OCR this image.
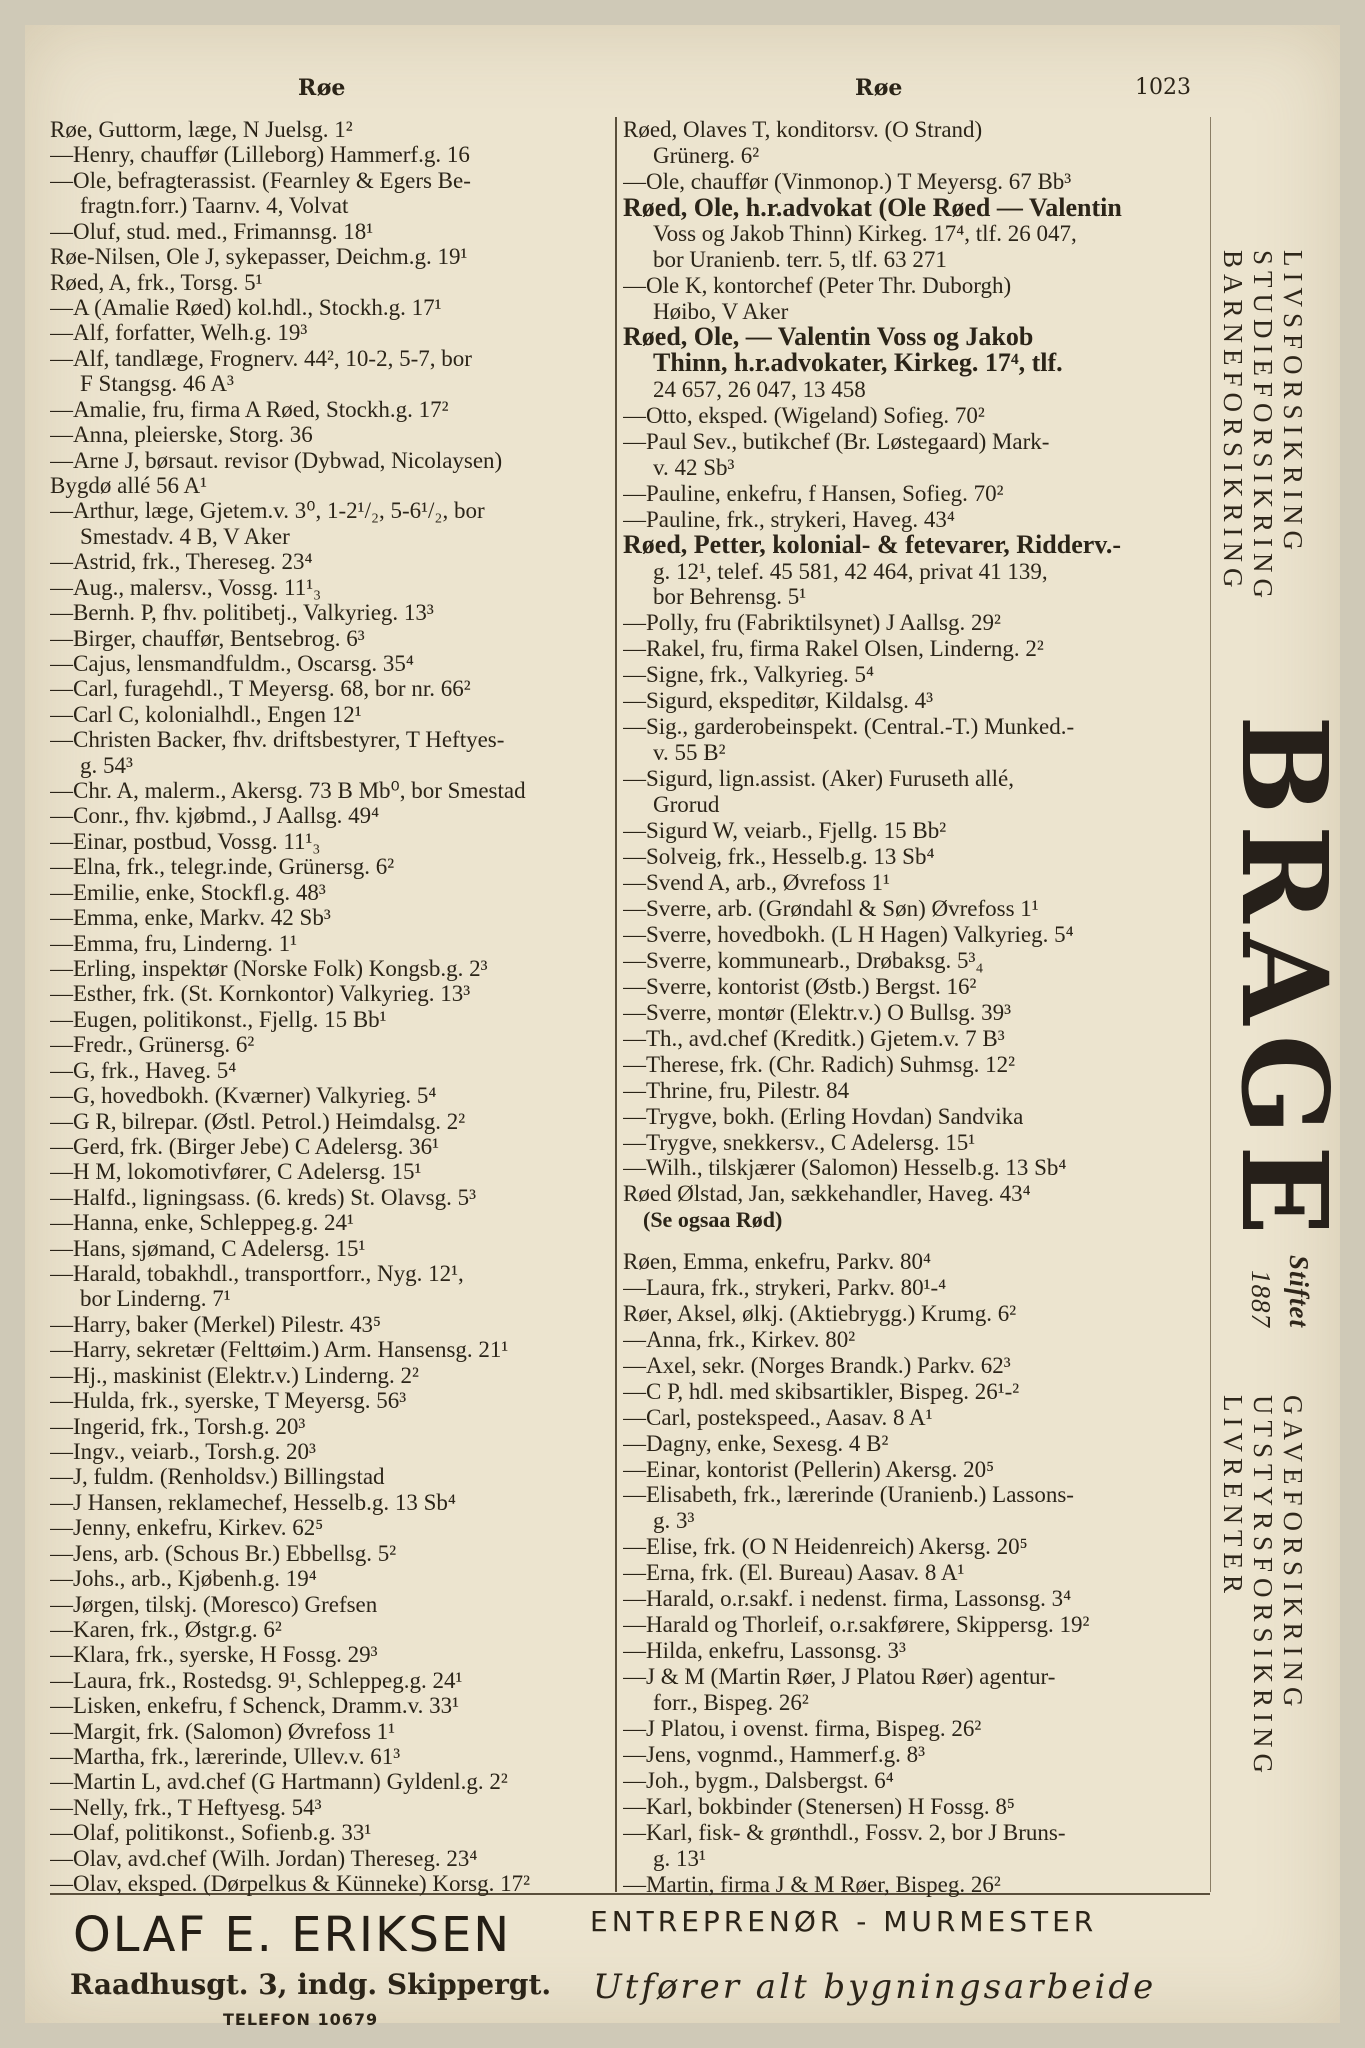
Røe	Røe	1023
Røe, Guttorm, læge, N Juelsg. 1²
—Henry, chauffør (Lilleborg) Hammerf.g. 16
—Ole, befragterassist. (Fearnley & Egers Be-
fragtn.forr.) Taarnv. 4, Volvat
—Oluf, stud. med., Frimannsg. 18¹
Røe-Nilsen, Ole J, sykepasser, Deichm.g. 19¹
Røed, A, frk., Torsg. 5¹
—A (Amalie Røed) kol.hdl., Stockh.g. 17¹
—Alf, forfatter, Welh.g. 19³
—Alf, tandlæge, Frognerv. 44², 10-2, 5-7, bor
F Stangsg. 46 A³
—Amalie, fru, firma A Røed, Stockh.g. 17²
—Anna, pleierske, Storg. 36
—Arne J, børsaut. revisor (Dybwad, Nicolaysen)
Bygdø allé 56 A¹
—Arthur, læge, Gjetem.v. 3⁰, 1-2¹/₂, 5-6¹/₂, bor
Smestadv. 4 B, V Aker
—Astrid, frk., Thereseg. 23⁴
—Aug., malersv., Vossg. 11¹₃
—Bernh. P, fhv. politibetj., Valkyrieg. 13³
—Birger, chauffør, Bentsebrog. 6³
—Cajus, lensmandfuldm., Oscarsg. 35⁴
—Carl, furagehdl., T Meyersg. 68, bor nr. 66²
—Carl C, kolonialhdl., Engen 12¹
—Christen Backer, fhv. driftsbestyrer, T Heftyes-
g. 54³
—Chr. A, malerm., Akersg. 73 B Mb⁰, bor Smestad
—Conr., fhv. kjøbmd., J Aallsg. 49⁴
—Einar, postbud, Vossg. 11¹₃
—Elna, frk., telegr.inde, Grünersg. 6²
—Emilie, enke, Stockfl.g. 48³
—Emma, enke, Markv. 42 Sb³
—Emma, fru, Linderng. 1¹
—Erling, inspektør (Norske Folk) Kongsb.g. 2³
—Esther, frk. (St. Kornkontor) Valkyrieg. 13³
—Eugen, politikonst., Fjellg. 15 Bb¹
—Fredr., Grünersg. 6²
—G, frk., Haveg. 5⁴
—G, hovedbokh. (Kværner) Valkyrieg. 5⁴
—G R, bilrepar. (Østl. Petrol.) Heimdalsg. 2²
—Gerd, frk. (Birger Jebe) C Adelersg. 36¹
—H M, lokomotivfører, C Adelersg. 15¹
—Halfd., ligningsass. (6. kreds) St. Olavsg. 5³
—Hanna, enke, Schleppeg.g. 24¹
—Hans, sjømand, C Adelersg. 15¹
—Harald, tobakhdl., transportforr., Nyg. 12¹,
bor Linderng. 7¹
—Harry, baker (Merkel) Pilestr. 43⁵
—Harry, sekretær (Felttøim.) Arm. Hansensg. 21¹
—Hj., maskinist (Elektr.v.) Linderng. 2²
—Hulda, frk., syerske, T Meyersg. 56³
—Ingerid, frk., Torsh.g. 20³
—Ingv., veiarb., Torsh.g. 20³
—J, fuldm. (Renholdsv.) Billingstad
—J Hansen, reklamechef, Hesselb.g. 13 Sb⁴
—Jenny, enkefru, Kirkev. 62⁵
—Jens, arb. (Schous Br.) Ebbellsg. 5²
—Johs., arb., Kjøbenh.g. 19⁴
—Jørgen, tilskj. (Moresco) Grefsen
—Karen, frk., Østgr.g. 6²
—Klara, frk., syerske, H Fossg. 29³
—Laura, frk., Rostedsg. 9¹, Schleppeg.g. 24¹
—Lisken, enkefru, f Schenck, Dramm.v. 33¹
—Margit, frk. (Salomon) Øvrefoss 1¹
—Martha, frk., lærerinde, Ullev.v. 61³
—Martin L, avd.chef (G Hartmann) Gyldenl.g. 2²
—Nelly, frk., T Heftyesg. 54³
—Olaf, politikonst., Sofienb.g. 33¹
—Olav, avd.chef (Wilh. Jordan) Thereseg. 23⁴
—Olav, eksped. (Dørpelkus & Künneke) Korsg. 17²
Røed, Olaves T, konditorsv. (O Strand)
Grünerg. 6²
—Ole, chauffør (Vinmonop.) T Meyersg. 67 Bb³
Røed, Ole, h.r.advokat (Ole Røed — Valentin
Voss og Jakob Thinn) Kirkeg. 17⁴, tlf. 26 047,
bor Uranienb. terr. 5, tlf. 63 271
—Ole K, kontorchef (Peter Thr. Duborgh)
Høibo, V Aker
Røed, Ole, — Valentin Voss og Jakob
Thinn, h.r.advokater, Kirkeg. 17⁴, tlf.
24 657, 26 047, 13 458
—Otto, eksped. (Wigeland) Sofieg. 70²
—Paul Sev., butikchef (Br. Løstegaard) Mark-
v. 42 Sb³
—Pauline, enkefru, f Hansen, Sofieg. 70²
—Pauline, frk., strykeri, Haveg. 43⁴
Røed, Petter, kolonial- & fetevarer, Ridderv.-
g. 12¹, telef. 45 581, 42 464, privat 41 139,
bor Behrensg. 5¹
—Polly, fru (Fabriktilsynet) J Aallsg. 29²
—Rakel, fru, firma Rakel Olsen, Linderng. 2²
—Signe, frk., Valkyrieg. 5⁴
—Sigurd, ekspeditør, Kildalsg. 4³
—Sig., garderobeinspekt. (Central.-T.) Munked.-
v. 55 B²
—Sigurd, lign.assist. (Aker) Furuseth allé,
Grorud
—Sigurd W, veiarb., Fjellg. 15 Bb²
—Solveig, frk., Hesselb.g. 13 Sb⁴
—Svend A, arb., Øvrefoss 1¹
—Sverre, arb. (Grøndahl & Søn) Øvrefoss 1¹
—Sverre, hovedbokh. (L H Hagen) Valkyrieg. 5⁴
—Sverre, kommunearb., Drøbaksg. 5³₄
—Sverre, kontorist (Østb.) Bergst. 16²
—Sverre, montør (Elektr.v.) O Bullsg. 39³
—Th., avd.chef (Kreditk.) Gjetem.v. 7 B³
—Therese, frk. (Chr. Radich) Suhmsg. 12²
—Thrine, fru, Pilestr. 84
—Trygve, bokh. (Erling Hovdan) Sandvika
—Trygve, snekkersv., C Adelersg. 15¹
—Wilh., tilskjærer (Salomon) Hesselb.g. 13 Sb⁴
Røed Ølstad, Jan, sækkehandler, Haveg. 43⁴
(Se ogsaa Rød)
Røen, Emma, enkefru, Parkv. 80⁴
—Laura, frk., strykeri, Parkv. 80¹-⁴
Røer, Aksel, ølkj. (Aktiebrygg.) Krumg. 6²
—Anna, frk., Kirkev. 80²
—Axel, sekr. (Norges Brandk.) Parkv. 62³
—C P, hdl. med skibsartikler, Bispeg. 26¹-²
—Carl, postekspeed., Aasav. 8 A¹
—Dagny, enke, Sexesg. 4 B²
—Einar, kontorist (Pellerin) Akersg. 20⁵
—Elisabeth, frk., lærerinde (Uranienb.) Lassons-
g. 3³
—Elise, frk. (O N Heidenreich) Akersg. 20⁵
—Erna, frk. (El. Bureau) Aasav. 8 A¹
—Harald, o.r.sakf. i nedenst. firma, Lassonsg. 3⁴
—Harald og Thorleif, o.r.sakførere, Skippersg. 19²
—Hilda, enkefru, Lassonsg. 3³
—J & M (Martin Røer, J Platou Røer) agentur-
forr., Bispeg. 26²
—J Platou, i ovenst. firma, Bispeg. 26²
—Jens, vognmd., Hammerf.g. 8³
—Joh., bygm., Dalsbergst. 6⁴
—Karl, bokbinder (Stenersen) H Fossg. 8⁵
—Karl, fisk- & grønthdl., Fossv. 2, bor J Bruns-
g. 13¹
—Martin, firma J & M Røer, Bispeg. 26²
LIVSFORSIKRING
STUDIEFORSIKRING
BARNEFORSIKRING
BRAGE
Stiftet
1887
GAVEFORSIKRING
UTSTYRSFORSIKRING
LIVRENTER
OLAF E. ERIKSEN
Raadhusgt. 3, indg. Skippergt.
TELEFON 10679
ENTREPRENØR - MURMESTER
Utfører alt bygningsarbeide
